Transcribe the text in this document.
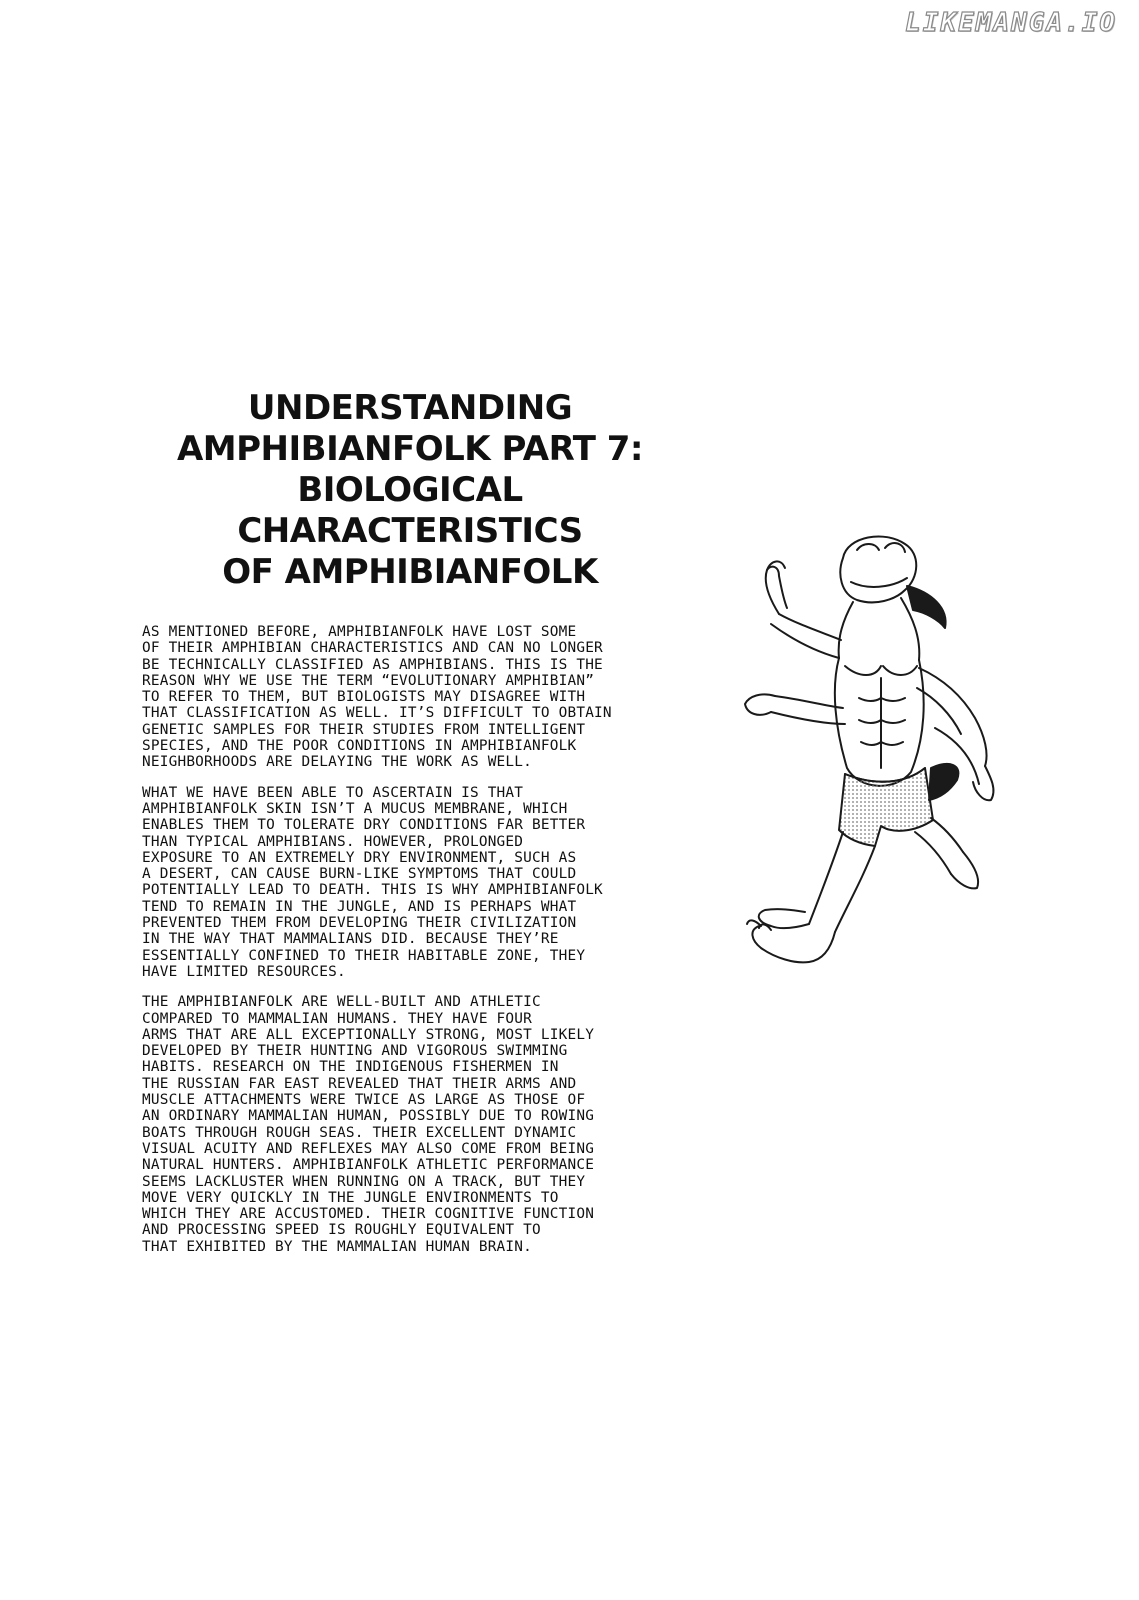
LIKEMANGA.IO
UNDERSTANDING
AMPHIBIANFOLK PART 7:
BIOLOGICAL
CHARACTERISTICS
OF AMPHIBIANFOLK
AS MENTIONED BEFORE, AMPHIBIANFOLK HAVE LOST SOME
OF THEIR AMPHIBIAN CHARACTERISTICS AND CAN NO LONGER
BE TECHNICALLY CLASSIFIED AS AMPHIBIANS. THIS IS THE
REASON WHY WE USE THE TERM “EVOLUTIONARY AMPHIBIAN”
TO REFER TO THEM, BUT BIOLOGISTS MAY DISAGREE WITH
THAT CLASSIFICATION AS WELL. IT’S DIFFICULT TO OBTAIN
GENETIC SAMPLES FOR THEIR STUDIES FROM INTELLIGENT
SPECIES, AND THE POOR CONDITIONS IN AMPHIBIANFOLK
NEIGHBORHOODS ARE DELAYING THE WORK AS WELL.
WHAT WE HAVE BEEN ABLE TO ASCERTAIN IS THAT
AMPHIBIANFOLK SKIN ISN’T A MUCUS MEMBRANE, WHICH
ENABLES THEM TO TOLERATE DRY CONDITIONS FAR BETTER
THAN TYPICAL AMPHIBIANS. HOWEVER, PROLONGED
EXPOSURE TO AN EXTREMELY DRY ENVIRONMENT, SUCH AS
A DESERT, CAN CAUSE BURN-LIKE SYMPTOMS THAT COULD
POTENTIALLY LEAD TO DEATH. THIS IS WHY AMPHIBIANFOLK
TEND TO REMAIN IN THE JUNGLE, AND IS PERHAPS WHAT
PREVENTED THEM FROM DEVELOPING THEIR CIVILIZATION
IN THE WAY THAT MAMMALIANS DID. BECAUSE THEY’RE
ESSENTIALLY CONFINED TO THEIR HABITABLE ZONE, THEY
HAVE LIMITED RESOURCES.
THE AMPHIBIANFOLK ARE WELL-BUILT AND ATHLETIC
COMPARED TO MAMMALIAN HUMANS. THEY HAVE FOUR
ARMS THAT ARE ALL EXCEPTIONALLY STRONG, MOST LIKELY
DEVELOPED BY THEIR HUNTING AND VIGOROUS SWIMMING
HABITS. RESEARCH ON THE INDIGENOUS FISHERMEN IN
THE RUSSIAN FAR EAST REVEALED THAT THEIR ARMS AND
MUSCLE ATTACHMENTS WERE TWICE AS LARGE AS THOSE OF
AN ORDINARY MAMMALIAN HUMAN, POSSIBLY DUE TO ROWING
BOATS THROUGH ROUGH SEAS. THEIR EXCELLENT DYNAMIC
VISUAL ACUITY AND REFLEXES MAY ALSO COME FROM BEING
NATURAL HUNTERS. AMPHIBIANFOLK ATHLETIC PERFORMANCE
SEEMS LACKLUSTER WHEN RUNNING ON A TRACK, BUT THEY
MOVE VERY QUICKLY IN THE JUNGLE ENVIRONMENTS TO
WHICH THEY ARE ACCUSTOMED. THEIR COGNITIVE FUNCTION
AND PROCESSING SPEED IS ROUGHLY EQUIVALENT TO
THAT EXHIBITED BY THE MAMMALIAN HUMAN BRAIN.
